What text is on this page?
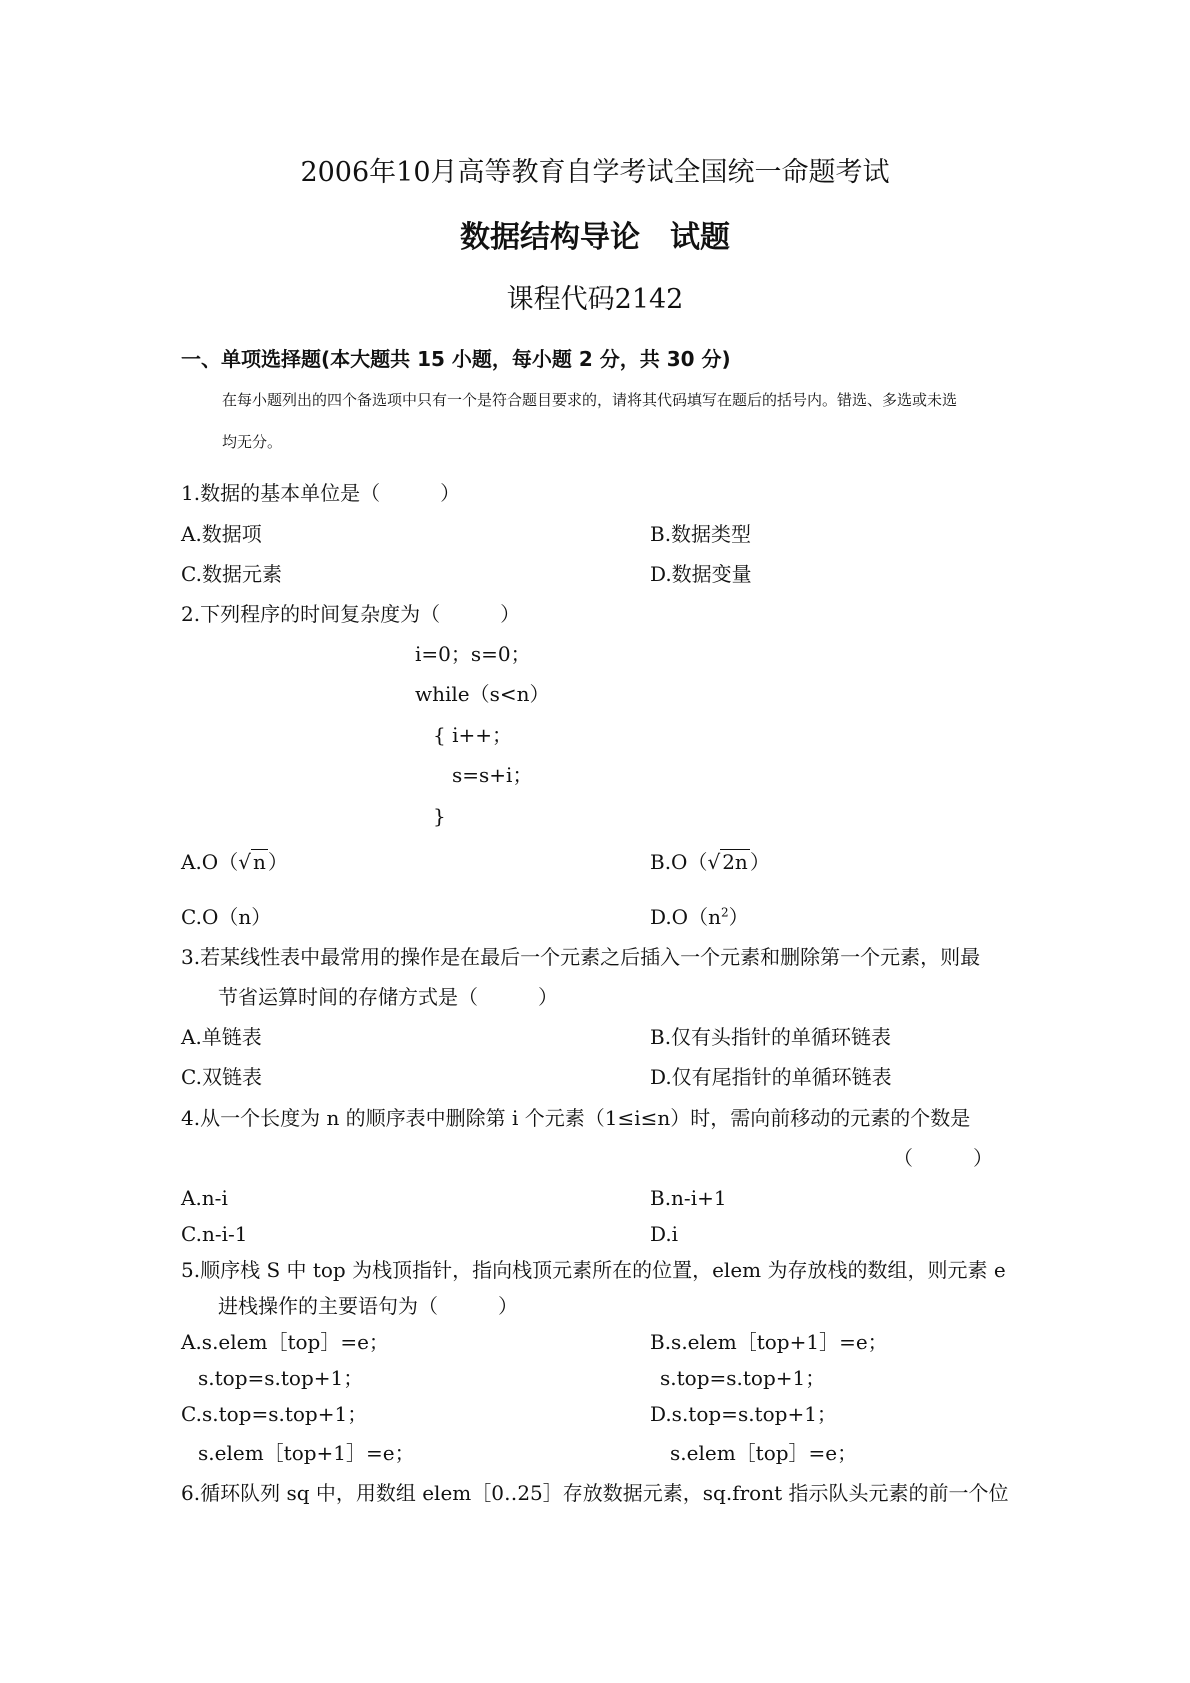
2006年10月高等教育自学考试全国统一命题考试
数据结构导论　试题
课程代码2142
一、单项选择题(本大题共 15 小题，每小题 2 分，共 30 分)
在每小题列出的四个备选项中只有一个是符合题目要求的，请将其代码填写在题后的括号内。错选、多选或未选
均无分。
1.数据的基本单位是（　　　）
A.数据项	B.数据类型
C.数据元素	D.数据变量
2.下列程序的时间复杂度为（　　　）
i=0；s=0；
while（s<n）
{ i++；
s=s+i；
}
A.O（√ n ）	B.O（√ 2n ）
C.O（n）	$D.O(n^2)$
3.若某线性表中最常用的操作是在最后一个元素之后插入一个元素和删除第一个元素，则最
节省运算时间的存储方式是（　　　）
A.单链表	B.仅有头指针的单循环链表
C.双链表	D.仅有尾指针的单循环链表
4.从一个长度为 n 的顺序表中删除第 i 个元素（1≤i≤n）时，需向前移动的元素的个数是
（　　　）
A.n-i	B.n-i+1
C.n-i-1	D.i
5.顺序栈 S 中 top 为栈顶指针，指向栈顶元素所在的位置，elem 为存放栈的数组，则元素 e
进栈操作的主要语句为（　　　）
A.s.elem［top］=e；	B.s.elem［top+1］=e；
s.top=s.top+1；	s.top=s.top+1；
C.s.top=s.top+1；	D.s.top=s.top+1；
s.elem［top+1］=e；	s.elem［top］=e；
6.循环队列 sq 中，用数组 elem［0‥25］存放数据元素，sq.front 指示队头元素的前一个位
